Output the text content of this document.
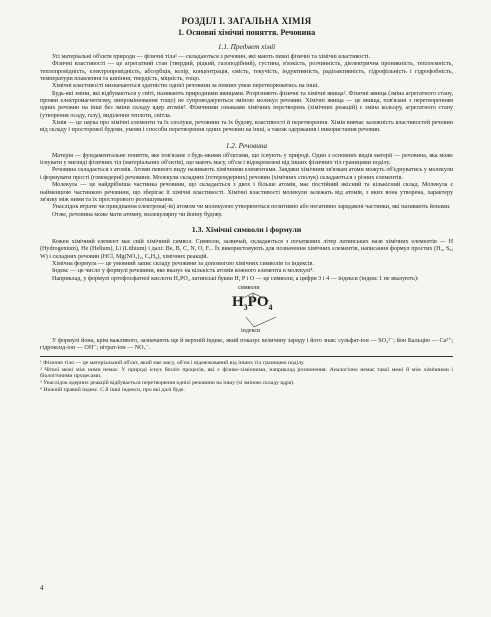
РОЗДІЛ І. ЗАГАЛЬНА ХІМІЯ
1. Основні хімічні поняття. Речовина
1.1. Предмет хімії

Усі матеріальні об'єкти природи — фізичні тіла¹ — складаються з речовин, які мають певні фізичні та хімічні властивості.

Фізичні властивості — це агрегатний стан (твердий, рідкий, газоподібний), густина, в'язкість, розчинність, діелектрична проникність, теплоємність, теплопровідність, електропровідність, абсорбція, колір, концентрація, ємість, текучість, індуктивність, радіоактивність, гідрофільність і гідрофобність, температури плавлення та кипіння; твердість, міцність, тощо.

Хімічні властивості визначаються здатністю однієї речовини за певних умов перетворюватись на інші.

Будь-які зміни, які відбуваються у світі, називають природними явищами. Розрізняють фізичні та хімічні явища². Фізичні явища (зміна агрегатного стану, прояви електромагнетизму, випромінювання тощо) не супроводжуються зміною молекул речовин. Хімічні явища — це явища, пов'язані з перетворенням одних речовин на інші без зміни складу ядер атомів³. Фізичними ознаками хімічних перетворень (хімічних реакцій) є зміна кольору, агрегатного стану (утворення осаду, газу), виділення теплоти, світла.

Хімія — це наука про хімічні елементи та їх сполуки, речовини та їх будову, властивості й перетворення. Хімія вивчає залежність властивостей речовин від складу і просторової будови, умови і способи перетворення одних речовин на інші, а також одержання і використання речовин.

1.2. Речовина

Матерія — фундаментальне поняття, яке пов'язане з будь-якими об'єктами, що існують у природі. Один з основних видів матерії — речовина, яка може існувати у вигляді фізичних тіл (матеріальних об'єктів), що мають масу, об'єм і відокремлені від інших фізичних тіл границями поділу.

Речовина складається з атомів. Атоми певного виду називають хімічними елементами. Завдяки хімічним зв'язкам атоми можуть об'єднуватись у молекули і формувати прості (гомоядерні) речовини. Молекули складних (гетероядерних) речовин (хімічних сполук) складаються з різних елементів.

Молекула — це найдрібніша частинка речовини, що складається з двох і більше атомів, має постійний якісний та кількісний склад. Молекула є найменшою частинкою речовини, що зберігає її хімічні властивості. Хімічні властивості молекули залежать від атомів, з яких вона утворена, характеру зв'язку між ними та їх просторового розташування.

Унаслідок втрати чи приєднання електрона(-ів) атомом чи молекулою утворюються позитивно або негативно заряджені частинки, які називають йонами.

Отже, речовина може мати атомну, молекулярну чи йонну будову.

1.3. Хімічні символи і формули

Кожен хімічний елемент має свій хімічний символ. Символи, зазвичай, складаються з початкових літер латинських назв хімічних елементів — H (Hydrogenium), He (Helium), Li (Lithium) і далі: Be, B, C, N, O, F... Їх використовують для позначення хімічних елементів, написання формул простих (H₂, S₈, W) і складних речовин (HCl, Mg(NO₃)₂, C₆H₆), хімічних реакцій.

Хімічна формула — це умовний запис складу речовини за допомогою хімічних символів та індексів.

Індекс — це число у формулі речовини, яке вказує на кількість атомів кожного елемента в молекулі⁴.

Наприклад, у формулі ортофосфатної кислоти H₃PO₄ латинські букви H, P і O — це символи, а цифри 3 і 4 — індекси (індекс 1 не вказують):

символи
$H_3PO_4$
індекси

У формулі йона, крім важливого, зазначають ще й верхній індекс, який показує величину заряду і його знак: сульфат-іон — SO₄²⁻; йон Кальцію — Ca²⁺; гідроксид-іон — OH⁻; нітрат-іон — NO₃⁻.

¹ Фізичне тіло — це матеріальний об'єкт, який має масу, об'єм і відмежований від інших тіл границею поділу.

² Чіткої межі між ними немає. У природі існує безліч процесів, які є фізико-хімічними, наприклад розчинення. Аналогічно немає такої межі й між хімічними і біологічними процесами.

³ Унаслідок ядерних реакцій відбувається перетворення однієї речовини на іншу (зі зміною складу ядра).

⁴ Нижній правий індекс. С й інші індекси, про які далі буде.

4
